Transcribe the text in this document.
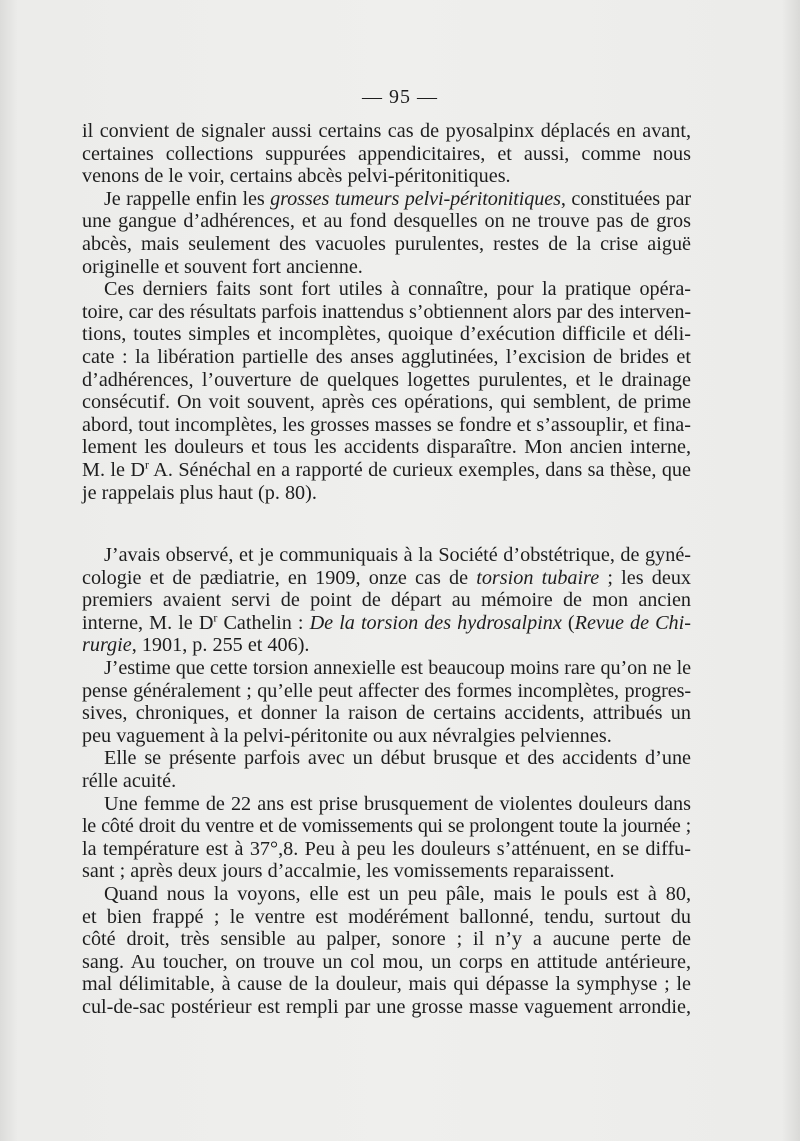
— 95 —
il convient de signaler aussi certains cas de pyosalpinx déplacés en avant,
certaines collections suppurées appendicitaires, et aussi, comme nous
venons de le voir, certains abcès pelvi-péritonitiques.
Je rappelle enfin les grosses tumeurs pelvi-péritonitiques, constituées par
une gangue d’adhérences, et au fond desquelles on ne trouve pas de gros
abcès, mais seulement des vacuoles purulentes, restes de la crise aiguë
originelle et souvent fort ancienne.
Ces derniers faits sont fort utiles à connaître, pour la pratique opéra-
toire, car des résultats parfois inattendus s’obtiennent alors par des interven-
tions, toutes simples et incomplètes, quoique d’exécution difficile et déli-
cate : la libération partielle des anses agglutinées, l’excision de brides et
d’adhérences, l’ouverture de quelques logettes purulentes, et le drainage
consécutif. On voit souvent, après ces opérations, qui semblent, de prime
abord, tout incomplètes, les grosses masses se fondre et s’assouplir, et fina-
lement les douleurs et tous les accidents disparaître. Mon ancien interne,
M. le $D^r$ A. Sénéchal en a rapporté de curieux exemples, dans sa thèse, que
je rappelais plus haut (p. 80).
J’avais observé, et je communiquais à la Société d’obstétrique, de gyné-
cologie et de pædiatrie, en 1909, onze cas de torsion tubaire ; les deux
premiers avaient servi de point de départ au mémoire de mon ancien
interne, M. le $D^r$ Cathelin : De la torsion des hydrosalpinx (Revue de Chi-
rurgie, 1901, p. 255 et 406).
J’estime que cette torsion annexielle est beaucoup moins rare qu’on ne le
pense généralement ; qu’elle peut affecter des formes incomplètes, progres-
sives, chroniques, et donner la raison de certains accidents, attribués un
peu vaguement à la pelvi-péritonite ou aux névralgies pelviennes.
Elle se présente parfois avec un début brusque et des accidents d’une
rélle acuité.
Une femme de 22 ans est prise brusquement de violentes douleurs dans
le côté droit du ventre et de vomissements qui se prolongent toute la journée ;
la température est à 37°,8. Peu à peu les douleurs s’atténuent, en se diffu-
sant ; après deux jours d’accalmie, les vomissements reparaissent.
Quand nous la voyons, elle est un peu pâle, mais le pouls est à 80,
et bien frappé ; le ventre est modérément ballonné, tendu, surtout du
côté droit, très sensible au palper, sonore ; il n’y a aucune perte de
sang. Au toucher, on trouve un col mou, un corps en attitude antérieure,
mal délimitable, à cause de la douleur, mais qui dépasse la symphyse ; le
cul-de-sac postérieur est rempli par une grosse masse vaguement arrondie,
